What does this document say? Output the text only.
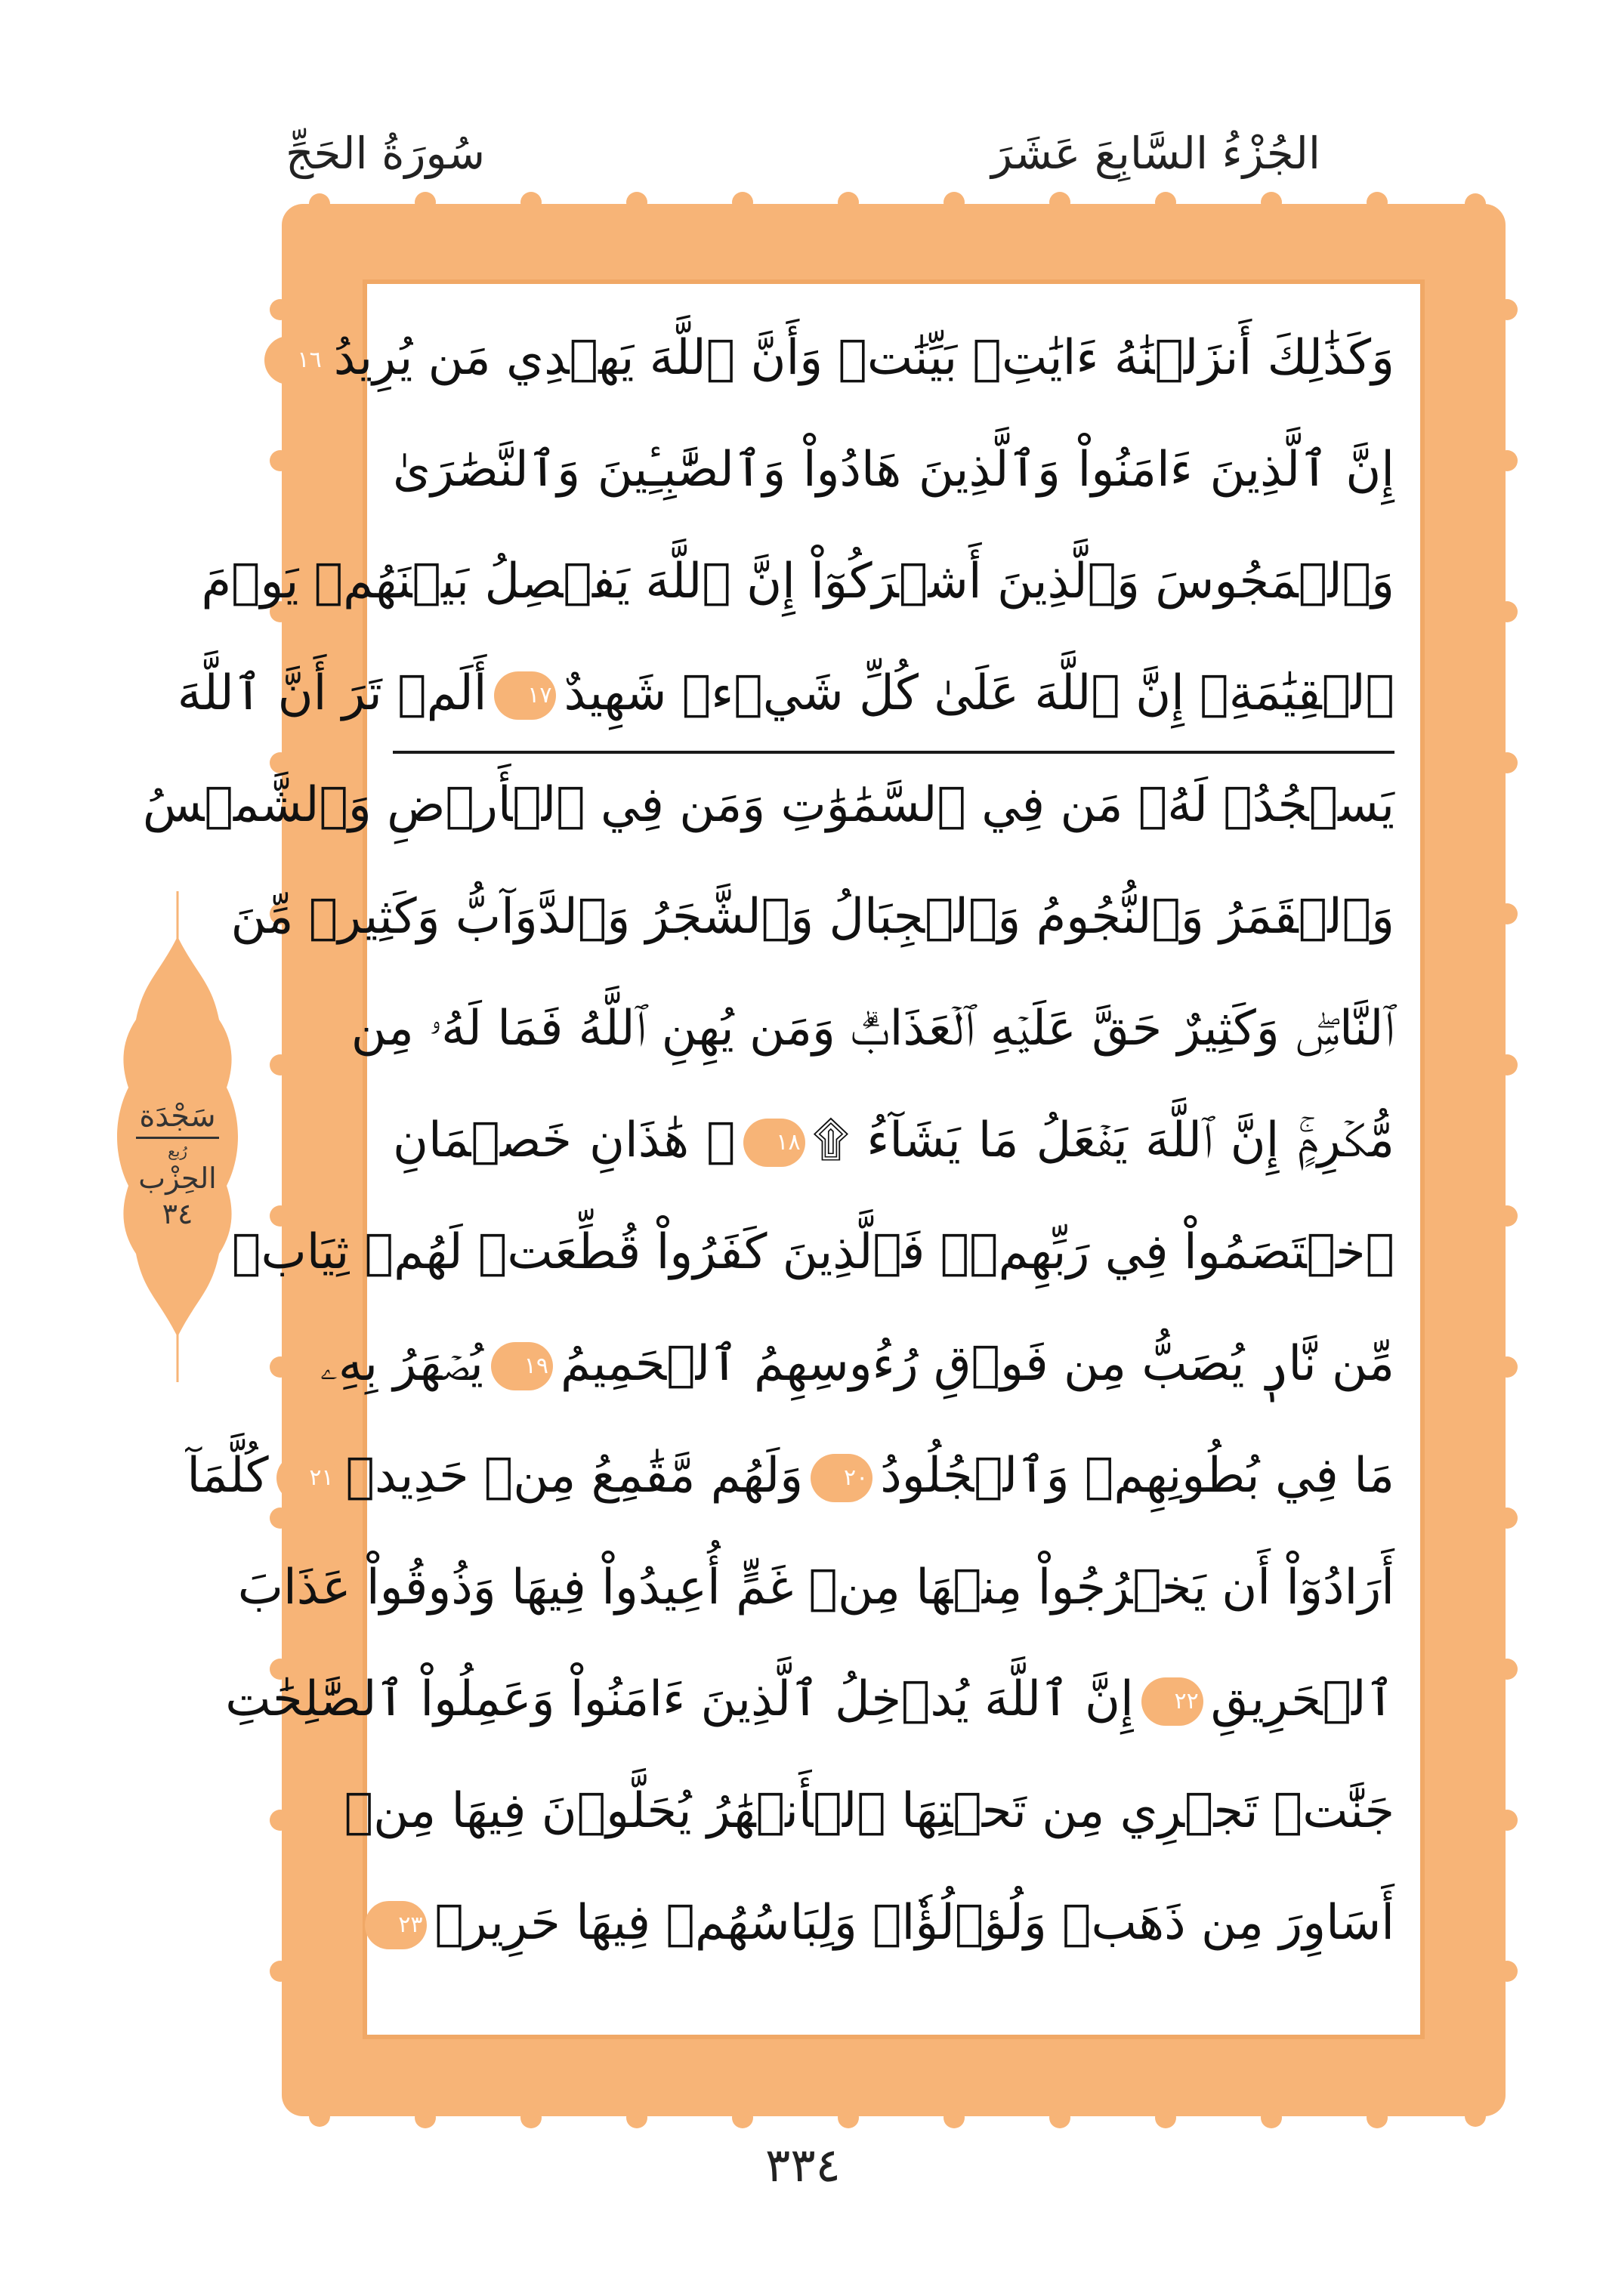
الجُزْءُ السَّابِعَ عَشَرَ
سُورَةُ الحَجِّ
وَكَذَٰلِكَ أَنزَلۡنَٰهُ ءَايَٰتِۭ بَيِّنَٰتٖ وَأَنَّ ٱللَّهَ يَهۡدِي مَن يُرِيدُ١٦
إِنَّ ٱلَّذِينَ ءَامَنُواْ وَٱلَّذِينَ هَادُواْ وَٱلصَّٰبِـِٔينَ وَٱلنَّصَٰرَىٰ
وَٱلۡمَجُوسَ وَٱلَّذِينَ أَشۡرَكُوٓاْ إِنَّ ٱللَّهَ يَفۡصِلُ بَيۡنَهُمۡ يَوۡمَ
ٱلۡقِيَٰمَةِۚ إِنَّ ٱللَّهَ عَلَىٰ كُلِّ شَيۡءٖ شَهِيدٌ١٧أَلَمۡ تَرَ أَنَّ ٱللَّهَ
يَسۡجُدُۤ لَهُۥ مَن فِي ٱلسَّمَٰوَٰتِ وَمَن فِي ٱلۡأَرۡضِ وَٱلشَّمۡسُ
وَٱلۡقَمَرُ وَٱلنُّجُومُ وَٱلۡجِبَالُ وَٱلشَّجَرُ وَٱلدَّوَآبُّ وَكَثِيرٞ مِّنَ
ٱلنَّاسِۖ وَكَثِيرٌ حَقَّ عَلَيۡهِ ٱلۡعَذَابُۗ وَمَن يُهِنِ ٱللَّهُ فَمَا لَهُۥ مِن
مُّكۡرِمٍۚ إِنَّ ٱللَّهَ يَفۡعَلُ مَا يَشَآءُ ۩١٨۞ هَٰذَانِ خَصۡمَانِ
ٱخۡتَصَمُواْ فِي رَبِّهِمۡۖ فَٱلَّذِينَ كَفَرُواْ قُطِّعَتۡ لَهُمۡ ثِيَابٞ
مِّن نَّارٖ يُصَبُّ مِن فَوۡقِ رُءُوسِهِمُ ٱلۡحَمِيمُ١٩يُصۡهَرُ بِهِۦ
مَا فِي بُطُونِهِمۡ وَٱلۡجُلُودُ٢٠وَلَهُم مَّقَٰمِعُ مِنۡ حَدِيدٖ٢١كُلَّمَآ
أَرَادُوٓاْ أَن يَخۡرُجُواْ مِنۡهَا مِنۡ غَمٍّ أُعِيدُواْ فِيهَا وَذُوقُواْ عَذَابَ
ٱلۡحَرِيقِ٢٢إِنَّ ٱللَّهَ يُدۡخِلُ ٱلَّذِينَ ءَامَنُواْ وَعَمِلُواْ ٱلصَّٰلِحَٰتِ
جَنَّٰتٖ تَجۡرِي مِن تَحۡتِهَا ٱلۡأَنۡهَٰرُ يُحَلَّوۡنَ فِيهَا مِنۡ
أَسَاوِرَ مِن ذَهَبٖ وَلُؤۡلُؤٗاۖ وَلِبَاسُهُمۡ فِيهَا حَرِيرٞ٢٣
سَجْدَة
رُبع
الحِزْب
٣٤
٣٣٤
